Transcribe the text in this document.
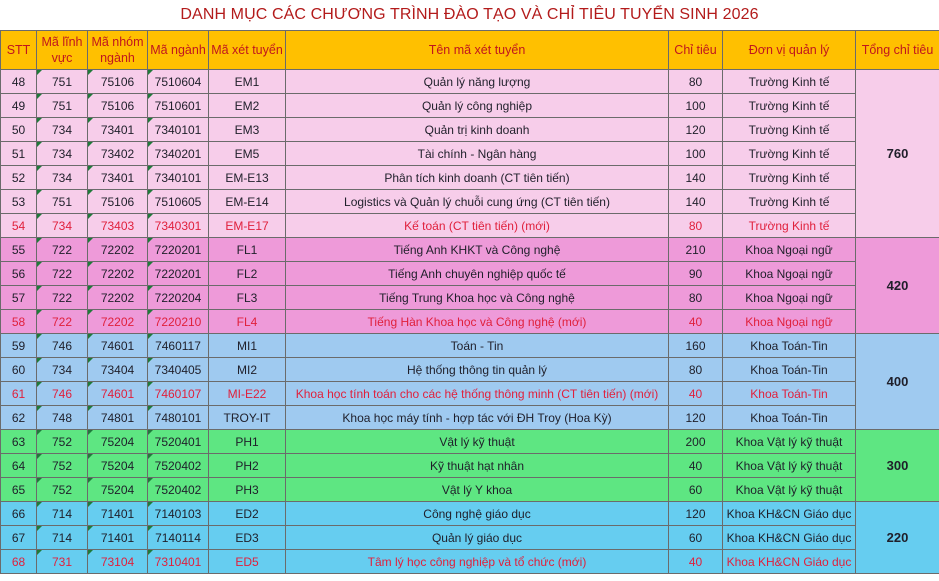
DANH MỤC CÁC CHƯƠNG TRÌNH ĐÀO TẠO VÀ CHỈ TIÊU TUYỂN SINH 2026
STT	Mã lĩnh vực	Mã nhóm ngành	Mã ngành	Mã xét tuyển	Tên mã xét tuyển	Chỉ tiêu	Đơn vị quản lý	Tổng chỉ tiêu
48	751	75106	7510604	EM1	Quản lý năng lượng	80	Trường Kinh tế	760
49	751	75106	7510601	EM2	Quản lý công nghiệp	100	Trường Kinh tế	
50	734	73401	7340101	EM3	Quản trị kinh doanh	120	Trường Kinh tế	
51	734	73402	7340201	EM5	Tài chính - Ngân hàng	100	Trường Kinh tế	
52	734	73401	7340101	EM-E13	Phân tích kinh doanh (CT tiên tiến)	140	Trường Kinh tế	
53	751	75106	7510605	EM-E14	Logistics và Quản lý chuỗi cung ứng (CT tiên tiến)	140	Trường Kinh tế	
54	734	73403	7340301	EM-E17	Kế toán (CT tiên tiến) (mới)	80	Trường Kinh tế	
55	722	72202	7220201	FL1	Tiếng Anh KHKT và Công nghệ	210	Khoa Ngoại ngữ	420
56	722	72202	7220201	FL2	Tiếng Anh chuyên nghiệp quốc tế	90	Khoa Ngoại ngữ	
57	722	72202	7220204	FL3	Tiếng Trung Khoa học và Công nghệ	80	Khoa Ngoại ngữ	
58	722	72202	7220210	FL4	Tiếng Hàn Khoa học và Công nghệ (mới)	40	Khoa Ngoại ngữ	
59	746	74601	7460117	MI1	Toán - Tin	160	Khoa Toán-Tin	400
60	734	73404	7340405	MI2	Hệ thống thông tin quản lý	80	Khoa Toán-Tin	
61	746	74601	7460107	MI-E22	Khoa học tính toán cho các hệ thống thông minh (CT tiên tiến) (mới)	40	Khoa Toán-Tin	
62	748	74801	7480101	TROY-IT	Khoa học máy tính - hợp tác với ĐH Troy (Hoa Kỳ)	120	Khoa Toán-Tin	
63	752	75204	7520401	PH1	Vật lý kỹ thuật	200	Khoa Vật lý kỹ thuật	300
64	752	75204	7520402	PH2	Kỹ thuật hạt nhân	40	Khoa Vật lý kỹ thuật	
65	752	75204	7520402	PH3	Vật lý Y khoa	60	Khoa Vật lý kỹ thuật	
66	714	71401	7140103	ED2	Công nghệ giáo dục	120	Khoa KH&CN Giáo dục	220
67	714	71401	7140114	ED3	Quản lý giáo dục	60	Khoa KH&CN Giáo dục	
68	731	73104	7310401	ED5	Tâm lý học công nghiệp và tổ chức (mới)	40	Khoa KH&CN Giáo dục	
